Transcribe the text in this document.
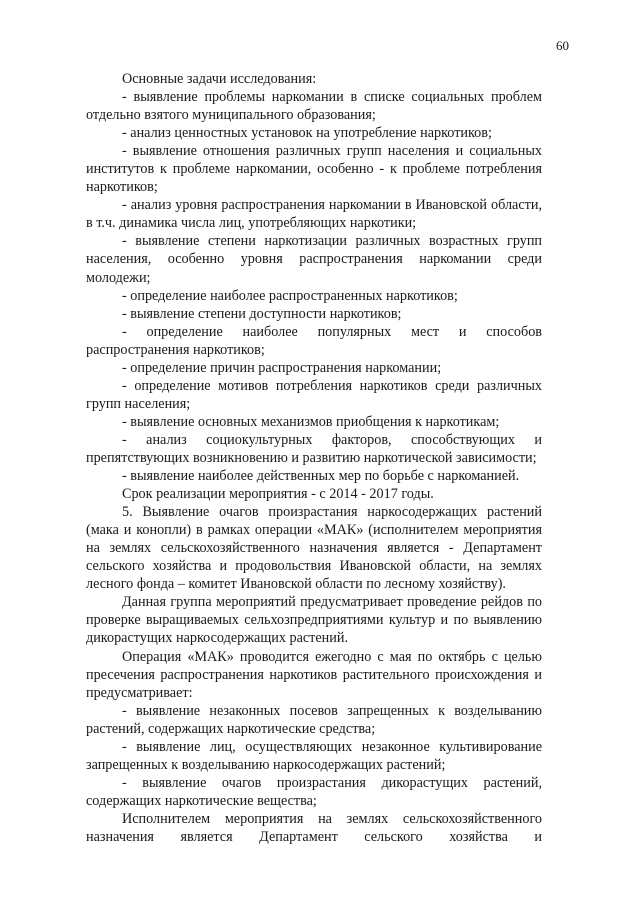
60

Основные задачи исследования:

- выявление проблемы наркомании в списке социальных проблем отдельно взятого муниципального образования;

- анализ ценностных установок на употребление наркотиков;

- выявление отношения различных групп населения и социальных институтов к проблеме наркомании, особенно - к проблеме потребления наркотиков;

- анализ уровня распространения наркомании в Ивановской области, в т.ч. динамика числа лиц, употребляющих наркотики;

- выявление степени наркотизации различных возрастных групп населения, особенно уровня распространения наркомании среди молодежи;

- определение наиболее распространенных наркотиков;

- выявление степени доступности наркотиков;

- определение наиболее популярных мест и способов распространения наркотиков;

- определение причин распространения наркомании;

- определение мотивов потребления наркотиков среди различных групп населения;

- выявление основных механизмов приобщения к наркотикам;

- анализ социокультурных факторов, способствующих и препятствующих возникновению и развитию наркотической зависимости;

- выявление наиболее действенных мер по борьбе с наркоманией.

Срок реализации мероприятия - с 2014 - 2017 годы.

5. Выявление очагов произрастания наркосодержащих растений (мака и конопли) в рамках операции «МАК» (исполнителем мероприятия на землях сельскохозяйственного назначения является - Департамент сельского хозяйства и продовольствия Ивановской области, на землях лесного фонда – комитет Ивановской области по лесному хозяйству).

Данная группа мероприятий предусматривает проведение рейдов по проверке выращиваемых сельхозпредприятиями культур и по выявлению дикорастущих наркосодержащих растений.

Операция «МАК» проводится ежегодно с мая по октябрь с целью пресечения распространения наркотиков растительного происхождения и предусматривает:

- выявление незаконных посевов запрещенных к возделыванию растений, содержащих наркотические средства;

- выявление лиц, осуществляющих незаконное культивирование запрещенных к возделыванию наркосодержащих растений;

- выявление очагов произрастания дикорастущих растений, содержащих наркотические вещества;

Исполнителем мероприятия на землях сельскохозяйственного назначения является Департамент сельского хозяйства и
